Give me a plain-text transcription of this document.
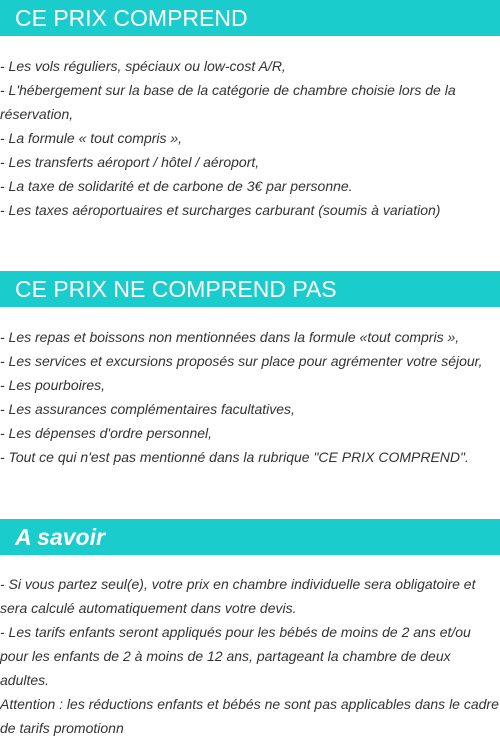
CE PRIX COMPREND
- Les vols réguliers, spéciaux ou low-cost A/R,
- L'hébergement sur la base de la catégorie de chambre choisie lors de la réservation,
- La formule « tout compris »,
- Les transferts aéroport / hôtel / aéroport,
- La taxe de solidarité et de carbone de 3€ par personne.
- Les taxes aéroportuaires et surcharges carburant (soumis à variation)
CE PRIX NE COMPREND PAS
- Les repas et boissons non mentionnées dans la formule «tout compris »,
- Les services et excursions proposés sur place pour agrémenter votre séjour,
- Les pourboires,
- Les assurances complémentaires facultatives,
- Les dépenses d'ordre personnel,
- Tout ce qui n'est pas mentionné dans la rubrique "CE PRIX COMPREND".
A savoir
- Si vous partez seul(e), votre prix en chambre individuelle sera obligatoire et sera calculé automatiquement dans votre devis.
- Les tarifs enfants seront appliqués pour les bébés de moins de 2 ans et/ou pour les enfants de 2 à moins de 12 ans, partageant la chambre de deux adultes.
Attention : les réductions enfants et bébés ne sont pas applicables dans le cadre de tarifs promotionn
